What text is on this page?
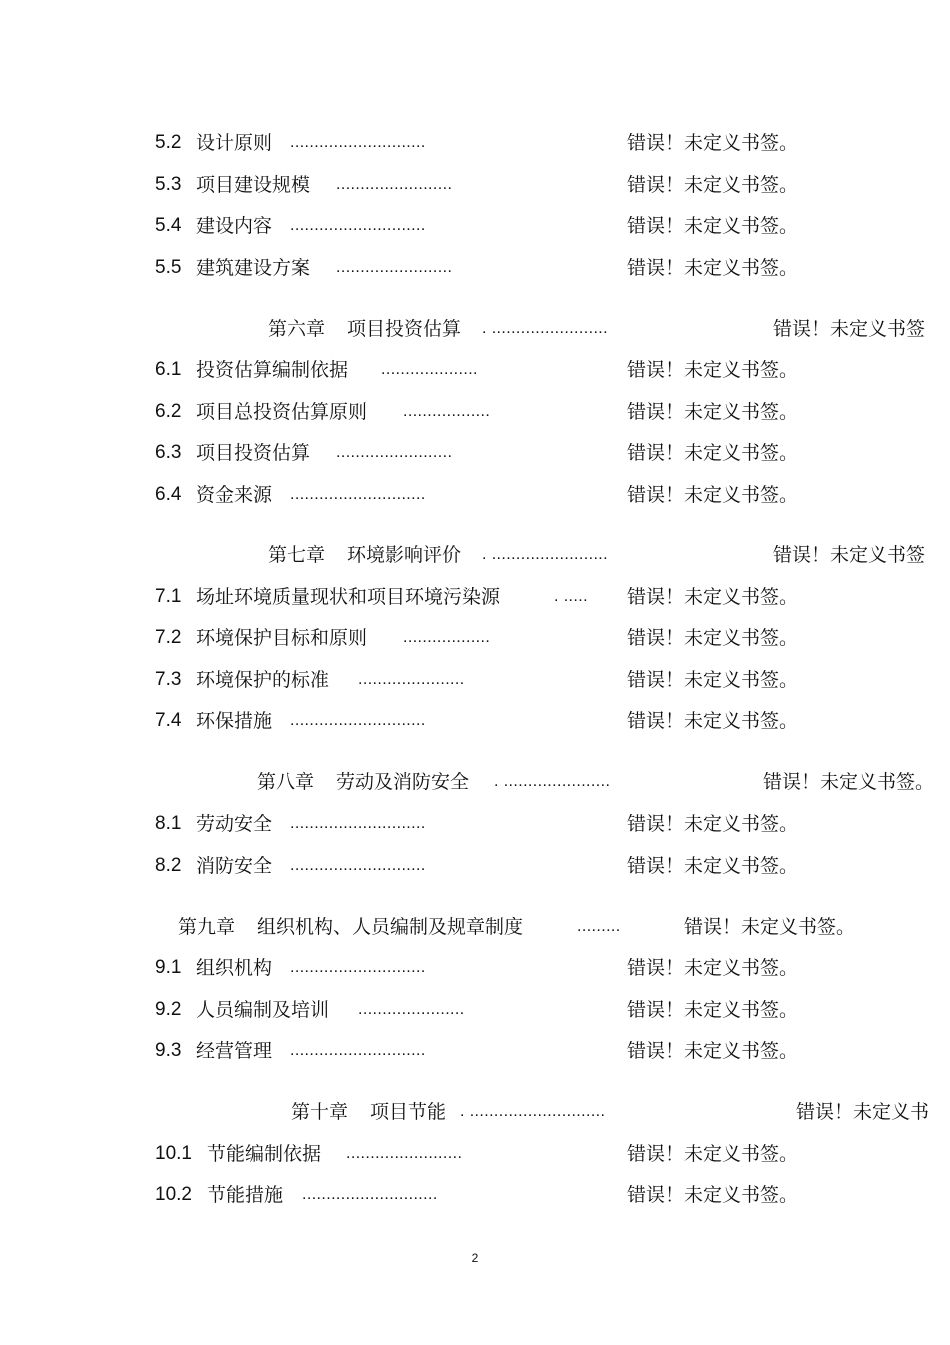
5.2 设计原则 ............................	错误！未定义书签。
5.3 项目建设规模 ........................	错误！未定义书签。
5.4 建设内容 ............................	错误！未定义书签。
5.5 建筑建设方案 ........................	错误！未定义书签。
第六章 项目投资估算 . ........................	错误！未定义书签
6.1 投资估算编制依据 ....................	错误！未定义书签。
6.2 项目总投资估算原则 ..................	错误！未定义书签。
6.3 项目投资估算 ........................	错误！未定义书签。
6.4 资金来源 ............................	错误！未定义书签。
第七章 环境影响评价 . ........................	错误！未定义书签
7.1 场址环境质量现状和项目环境污染源	. ..... 错误！未定义书签。
7.2 环境保护目标和原则 ..................	错误！未定义书签。
7.3 环境保护的标准 ......................	错误！未定义书签。
7.4 环保措施 ............................	错误！未定义书签。
第八章 劳动及消防安全 . ......................	错误！未定义书签。
8.1 劳动安全 ............................	错误！未定义书签。
8.2 消防安全 ............................	错误！未定义书签。
第九章 组织机构、人员编制及规章制度	.........	错误！未定义书签。
9.1 组织机构 ............................	错误！未定义书签。
9.2 人员编制及培训 ......................	错误！未定义书签。
9.3 经营管理 ............................	错误！未定义书签。
第十章 项目节能 . ............................	错误！未定义书
10.1 节能编制依据 ........................	错误！未定义书签。
10.2 节能措施 ............................	错误！未定义书签。
2
